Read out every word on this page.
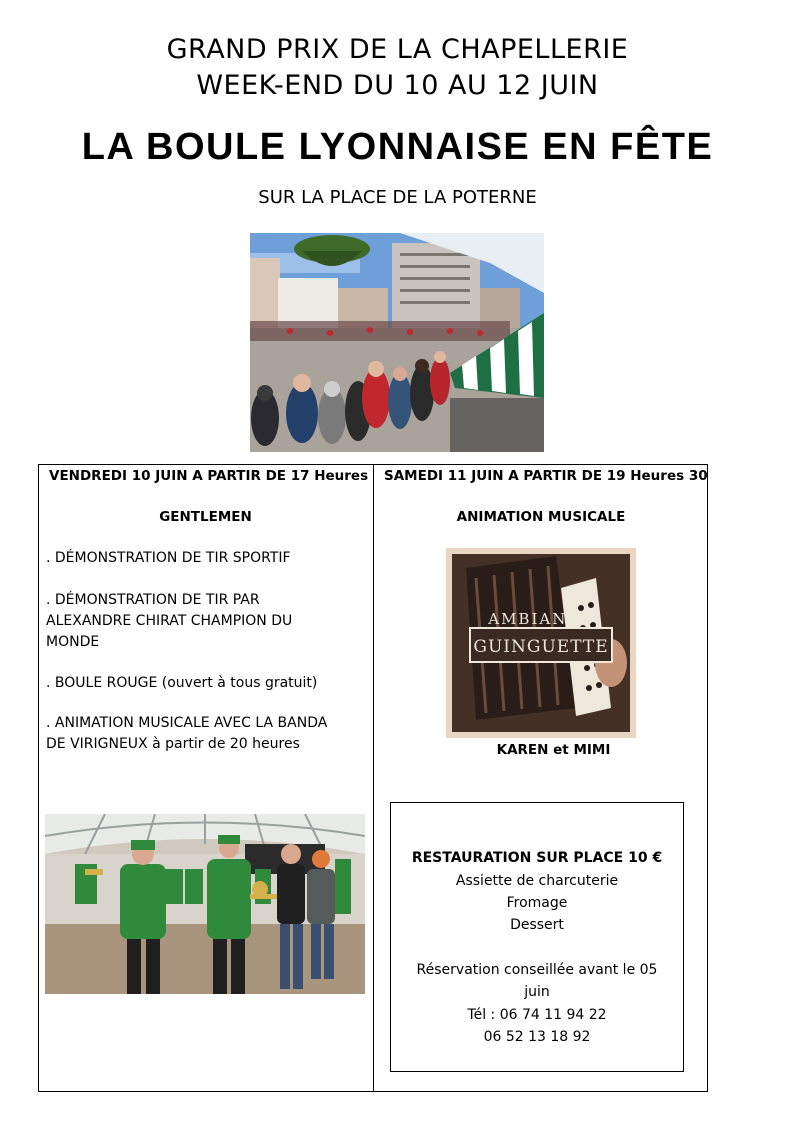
GRAND PRIX DE LA CHAPELLERIE
WEEK-END DU 10 AU 12 JUIN
LA BOULE LYONNAISE EN FÊTE
SUR LA PLACE DE LA POTERNE
VENDREDI 10 JUIN A PARTIR DE 17 Heures
GENTLEMEN
. DÉMONSTRATION DE TIR SPORTIF
. DÉMONSTRATION DE TIR PAR
ALEXANDRE CHIRAT CHAMPION DU
MONDE
. BOULE ROUGE (ouvert à tous gratuit)
. ANIMATION MUSICALE AVEC LA BANDA
DE VIRIGNEUX à partir de 20 heures
SAMEDI 11 JUIN A PARTIR DE 19 Heures 30
ANIMATION MUSICALE
AMBIANCE
GUINGUETTE
KAREN et MIMI
RESTAURATION SUR PLACE 10 €
Assiette de charcuterie
Fromage
Dessert
Réservation conseillée avant le 05
juin
Tél : 06 74 11 94 22
06 52 13 18 92
